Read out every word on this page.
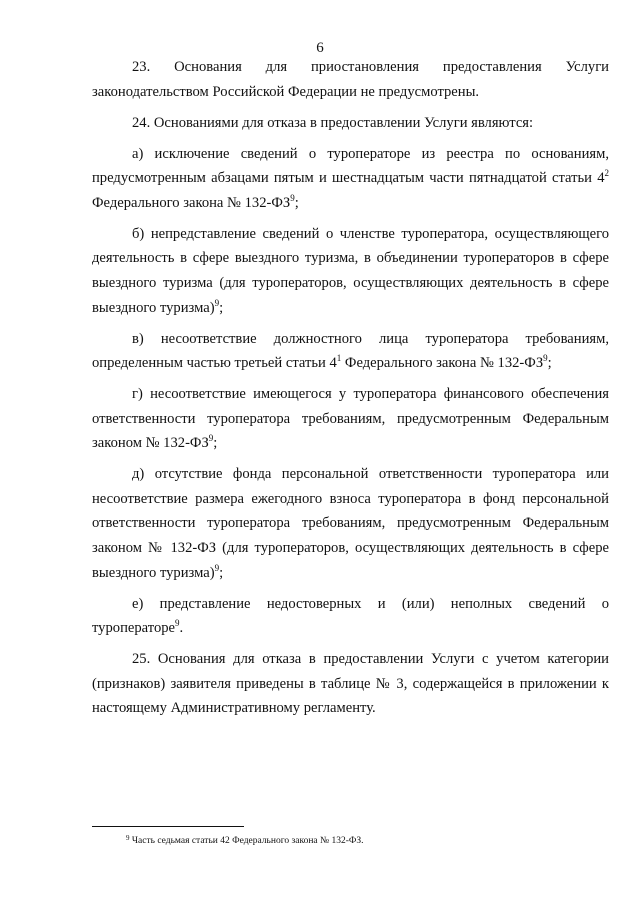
6

23. Основания для приостановления предоставления Услуги законодательством Российской Федерации не предусмотрены.

24. Основаниями для отказа в предоставлении Услуги являются:

а) исключение сведений о туроператоре из реестра по основаниям, предусмотренным абзацами пятым и шестнадцатым части пятнадцатой статьи $4^2$ Федерального закона № $132-ФЗ^9$;

б) непредставление сведений о членстве туроператора, осуществляющего деятельность в сфере выездного туризма, в объединении туроператоров в сфере выездного туризма (для туроператоров, осуществляющих деятельность в сфере выездного туризма)$^9$;

в) несоответствие должностного лица туроператора требованиям, определенным частью третьей статьи $4^1$ Федерального закона № $132-ФЗ^9$;

г) несоответствие имеющегося у туроператора финансового обеспечения ответственности туроператора требованиям, предусмотренным Федеральным законом № $132-ФЗ^9$;

д) отсутствие фонда персональной ответственности туроператора или несоответствие размера ежегодного взноса туроператора в фонд персональной ответственности туроператора требованиям, предусмотренным Федеральным законом № 132-ФЗ (для туроператоров, осуществляющих деятельность в сфере выездного туризма)$^9$;

е) представление недостоверных и (или) неполных сведений о туроператоре$^9$.

25. Основания для отказа в предоставлении Услуги с учетом категории (признаков) заявителя приведены в таблице № 3, содержащейся в приложении к настоящему Административному регламенту.

$^9$ Часть седьмая статьи 42 Федерального закона № 132-ФЗ.
